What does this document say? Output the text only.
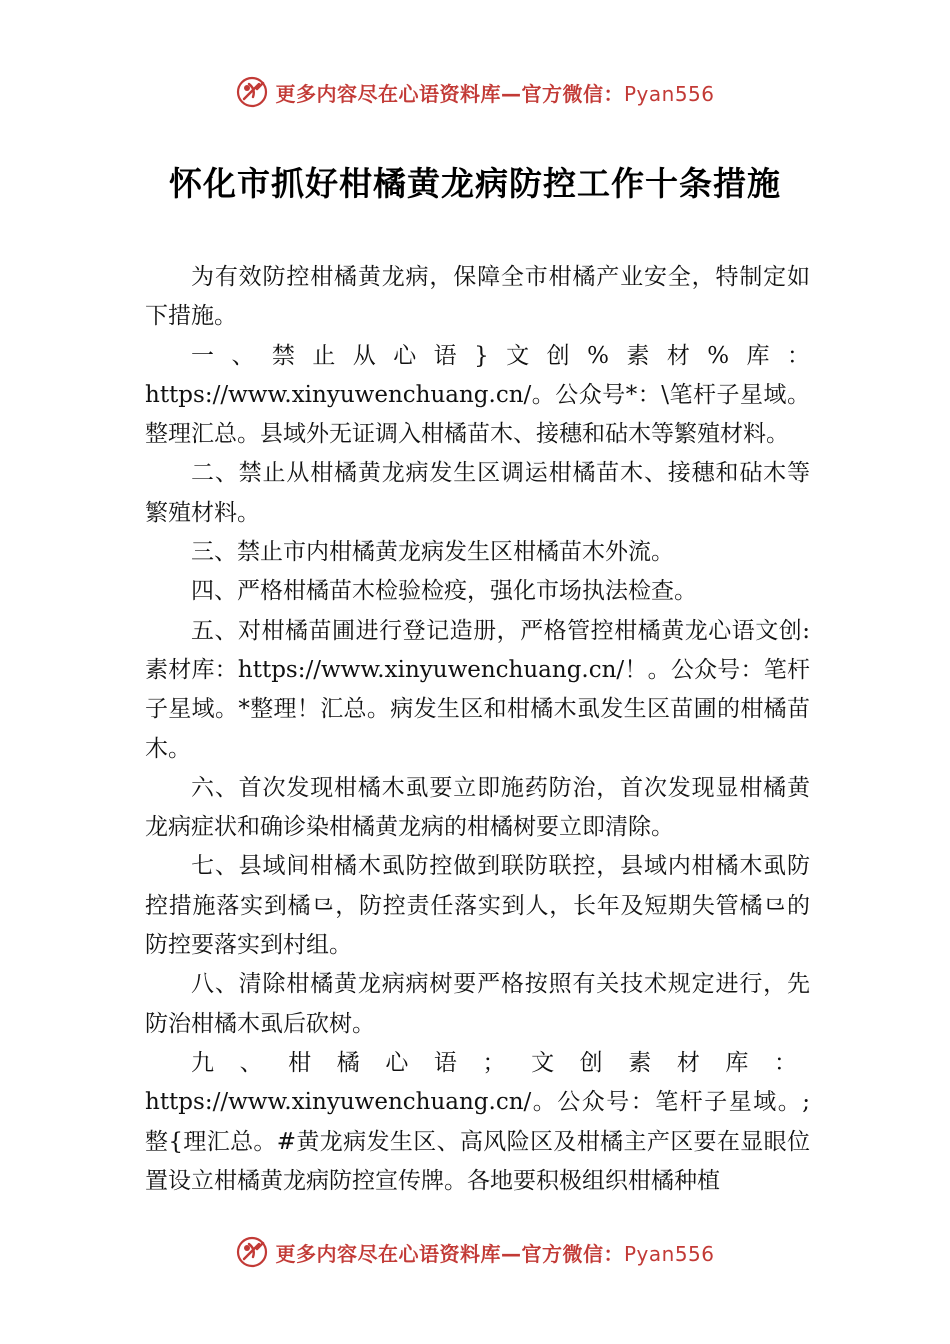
更多内容尽在心语资料库—官方微信：Pyan556
怀化市抓好柑橘黄龙病防控工作十条措施

为有效防控柑橘黄龙病，保障全市柑橘产业安全，特制定如下措施。

一、禁止从心语}文创%素材%库：https://www.xinyuwenchuang.cn/。公众号*：\笔杆子星域。整理汇总。县域外无证调入柑橘苗木、接穗和砧木等繁殖材料。

二、禁止从柑橘黄龙病发生区调运柑橘苗木、接穗和砧木等繁殖材料。

三、禁止市内柑橘黄龙病发生区柑橘苗木外流。

四、严格柑橘苗木检验检疫，强化市场执法检查。

五、对柑橘苗圃进行登记造册，严格管控柑橘黄龙心语文创:素材库：https://www.xinyuwenchuang.cn/！。公众号：笔杆子星域。*整理！汇总。病发生区和柑橘木虱发生区苗圃的柑橘苗木。

六、首次发现柑橘木虱要立即施药防治，首次发现显柑橘黄龙病症状和确诊染柑橘黄龙病的柑橘树要立即清除。

七、县域间柑橘木虱防控做到联防联控，县域内柑橘木虱防控措施落实到橘⺋，防控责任落实到人，长年及短期失管橘⺋的防控要落实到村组。

八、清除柑橘黄龙病病树要严格按照有关技术规定进行，先防治柑橘木虱后砍树。

九、柑橘心语；文创素材库：https://www.xinyuwenchuang.cn/。公众号：笔杆子星域。;整{理汇总。#黄龙病发生区、高风险区及柑橘主产区要在显眼位置设立柑橘黄龙病防控宣传牌。各地要积极组织柑橘种植

更多内容尽在心语资料库—官方微信：Pyan556
